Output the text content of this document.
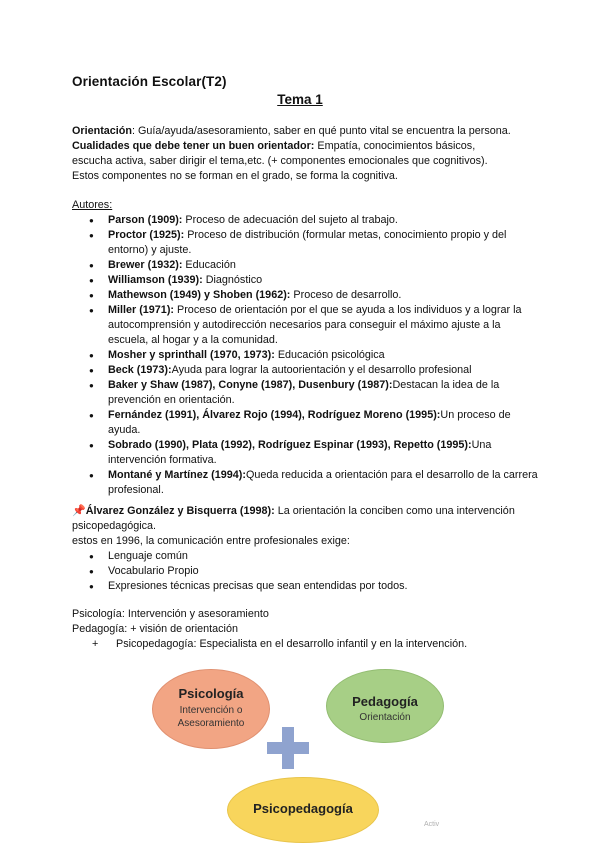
Orientación Escolar(T2)
Tema 1

Orientación: Guía/ayuda/asesoramiento, saber en qué punto vital se encuentra la persona.

Cualidades que debe tener un buen orientador: Empatía, conocimientos básicos,

escucha activa, saber dirigir el tema,etc. (+ componentes emocionales que cognitivos).

Estos componentes no se forman en el grado, se forma la cognitiva.

Autores:

● Parson (1909): Proceso de adecuación del sujeto al trabajo.
● Proctor (1925): Proceso de distribución (formular metas, conocimiento propio y del entorno) y ajuste.
● Brewer (1932): Educación
● Williamson (1939): Diagnóstico
● Mathewson (1949) y Shoben (1962): Proceso de desarrollo.
● Miller (1971): Proceso de orientación por el que se ayuda a los individuos y a lograr la autocomprensión y autodirección necesarios para conseguir el máximo ajuste a la escuela, al hogar y a la comunidad.
● Mosher y sprinthall (1970, 1973): Educación psicológica
● Beck (1973):Ayuda para lograr la autoorientación y el desarrollo profesional
● Baker y Shaw (1987), Conyne (1987), Dusenbury (1987):Destacan la idea de la prevención en orientación.
● Fernández (1991), Álvarez Rojo (1994), Rodríguez Moreno (1995):Un proceso de ayuda.
● Sobrado (1990), Plata (1992), Rodríguez Espinar (1993), Repetto (1995):Una intervención formativa.
● Montané y Martínez (1994):Queda reducida a orientación para el desarrollo de la carrera profesional.

📌Álvarez González y Bisquerra (1998): La orientación la conciben como una intervención psicopedagógica.

estos en 1996, la comunicación entre profesionales exige:

● Lenguaje común
● Vocabulario Propio
● Expresiones técnicas precisas que sean entendidas por todos.

Psicología: Intervención y asesoramiento

Pedagogía: + visión de orientación

+ Psicopedagogía: Especialista en el desarrollo infantil y en la intervención.

Psicología
Intervención o
Asesoramiento
Pedagogía
Orientación
Psicopedagogía
Activ
